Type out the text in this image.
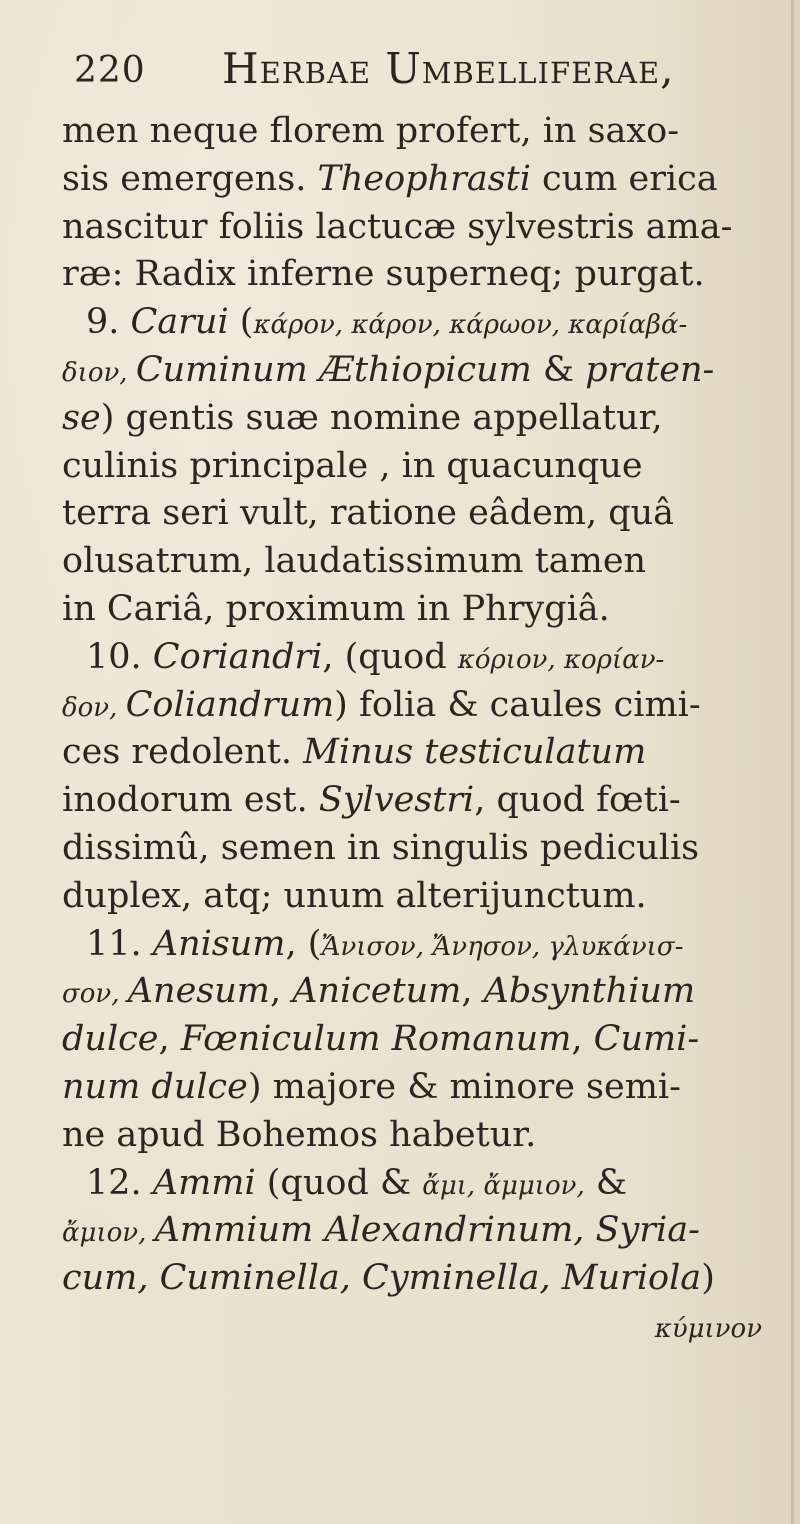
220 Herbae Umbelliferae,
men neque florem profert, in saxo-
sis emergens. Theophrasti cum erica
nascitur foliis lactucæ sylvestris ama-
ræ: Radix inferne superneq; purgat.
9. Carui (κάρον, κάρον, κάρωον, καρίαβά-
διον, Cuminum Æthiopicum & praten-
se) gentis suæ nomine appellatur,
culinis principale , in quacunque
terra seri vult, ratione eâdem, quâ
olusatrum, laudatissimum tamen
in Cariâ, proximum in Phrygiâ.
10. Coriandri, (quod κόριον, κορίαν-
δον, Coliandrum) folia & caules cimi-
ces redolent. Minus testiculatum
inodorum est. Sylvestri, quod fœti-
dissimû, semen in singulis pediculis
duplex, atq; unum alterijunctum.
11. Anisum, (Ἄνισον, Ἄνησον, γλυκάνισ-
σον, Anesum, Anicetum, Absynthium
dulce, Fœniculum Romanum, Cumi-
num dulce) majore & minore semi-
ne apud Bohemos habetur.
12. Ammi (quod & ἄμι, ἄμμιον, &
ἄμιον, Ammium Alexandrinum, Syria-
cum, Cuminella, Cyminella, Muriola)
κύμινον
